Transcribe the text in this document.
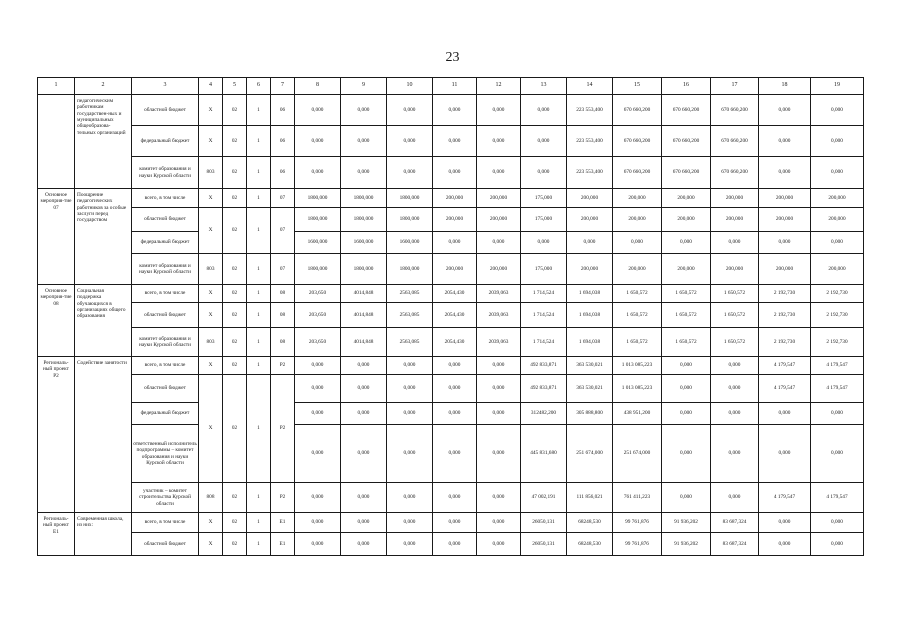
23
1	2	3	4	5	6	7	8	9	10	11	12	13	14	15	16	17	18	19
	педагогическим работникам государствен-ных и муниципальных общеобразова-тельных организаций	областной бюджет	X	02	1	06	0,000	0,000	0,000	0,000	0,000	0,000	223 553,400	670 660,200	670 660,200	670 660,200	0,000	0,000
		федеральный бюджет	X	02	1	06	0,000	0,000	0,000	0,000	0,000	0,000	223 553,400	670 660,200	670 660,200	670 660,200	0,000	0,000
		комитет образования и науки Курской области	803	02	1	06	0,000	0,000	0,000	0,000	0,000	0,000	223 553,400	670 660,200	670 660,200	670 660,200	0,000	0,000
Основное мероприя-тие 07	Поощрение педагогических работников за особые заслуги перед государством	всего, в том числе	X	02	1	07	1800,000	1800,000	1800,000	200,000	200,000	175,000	200,000	200,000	200,000	200,000	200,000	200,000
		областной бюджет	X	02	1	07	1800,000	1800,000	1800,000	200,000	200,000	175,000	200,000	200,000	200,000	200,000	200,000	200,000
		федеральный бюджет					1600,000	1600,000	1600,000	0,000	0,000	0,000	0,000	0,000	0,000	0,000	0,000	0,000
		комитет образования и науки Курской области	803	02	1	07	1800,000	1800,000	1800,000	200,000	200,000	175,000	200,000	200,000	200,000	200,000	200,000	200,000
Основное мероприя-тие 08	Социальная поддержка обучающихся в организациях общего образования	всего, в том числе	X	02	1	08	203,650	4014,848	2563,085	2054,430	2039,063	1 714,524	1 694,038	1 650,572	1 650,572	1 650,572	2 192,730	2 192,730
		областной бюджет	X	02	1	08	203,650	4014,848	2563,085	2054,430	2039,063	1 714,524	1 694,038	1 650,572	1 650,572	1 650,572	2 192,730	2 192,730
		комитет образования и науки Курской области	803	02	1	08	203,650	4014,848	2563,085	2054,430	2039,063	1 714,524	1 694,038	1 650,572	1 650,572	1 650,572	2 192,730	2 192,730
Региональ-ный проект Р2	Содействие занятости	всего, в том числе	X	02	1	P2	0,000	0,000	0,000	0,000	0,000	492 833,871	363 530,021	1 013 085,223	0,000	0,000	4 179,547	4 179,547
		областной бюджет	X	02	1	P2	0,000	0,000	0,000	0,000	0,000	492 833,871	363 530,021	1 013 085,223	0,000	0,000	4 179,547	4 179,547
		федеральный бюджет					0,000	0,000	0,000	0,000	0,000	312482,200	305 888,800	438 951,200	0,000	0,000	0,000	0,000
		ответственный исполнитель подпрограммы – комитет образования и науки Курской области					0,000	0,000	0,000	0,000	0,000	445 831,680	251 674,000	251 674,000	0,000	0,000	0,000	0,000
		участник – комитет строительства Курской области	808	02	1	P2	0,000	0,000	0,000	0,000	0,000	47 002,191	111 856,021	761 411,223	0,000	0,000	4 179,547	4 179,547
Региональ-ный проект Е1	Современная школа, из них:	всего, в том числе	X	02	1	E1	0,000	0,000	0,000	0,000	0,000	26050,131	68248,530	99 761,876	91 936,202	83 687,324	0,000	0,000
		областной бюджет	X	02	1	E1	0,000	0,000	0,000	0,000	0,000	26050,131	68248,530	99 761,876	91 936,202	83 687,324	0,000	0,000
